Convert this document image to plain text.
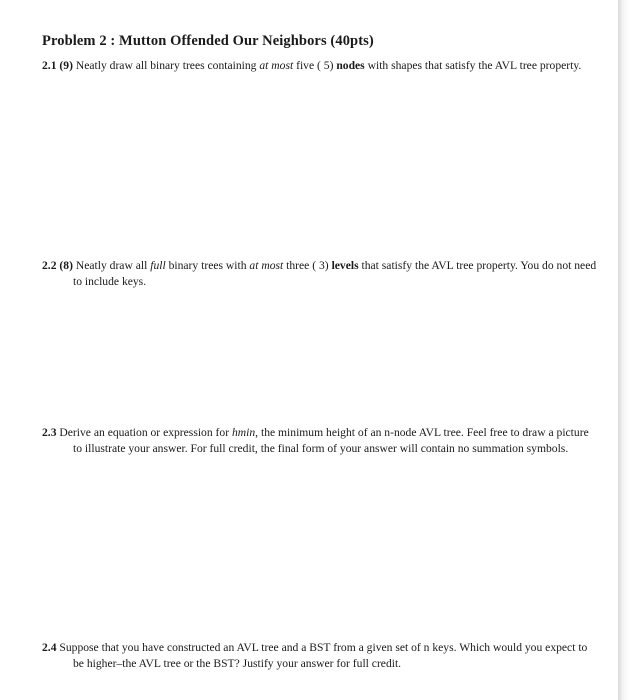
Problem 2 : Mutton Offended Our Neighbors (40pts)
2.1 (9) Neatly draw all binary trees containing at most five ( 5) nodes with shapes that satisfy the AVL tree property.
2.2 (8) Neatly draw all full binary trees with at most three ( 3) levels that satisfy the AVL tree property. You do not need to include keys.
2.3 Derive an equation or expression for hmin, the minimum height of an n-node AVL tree. Feel free to draw a picture to illustrate your answer. For full credit, the final form of your answer will contain no summation symbols.
2.4 Suppose that you have constructed an AVL tree and a BST from a given set of n keys. Which would you expect to be higher–the AVL tree or the BST? Justify your answer for full credit.
